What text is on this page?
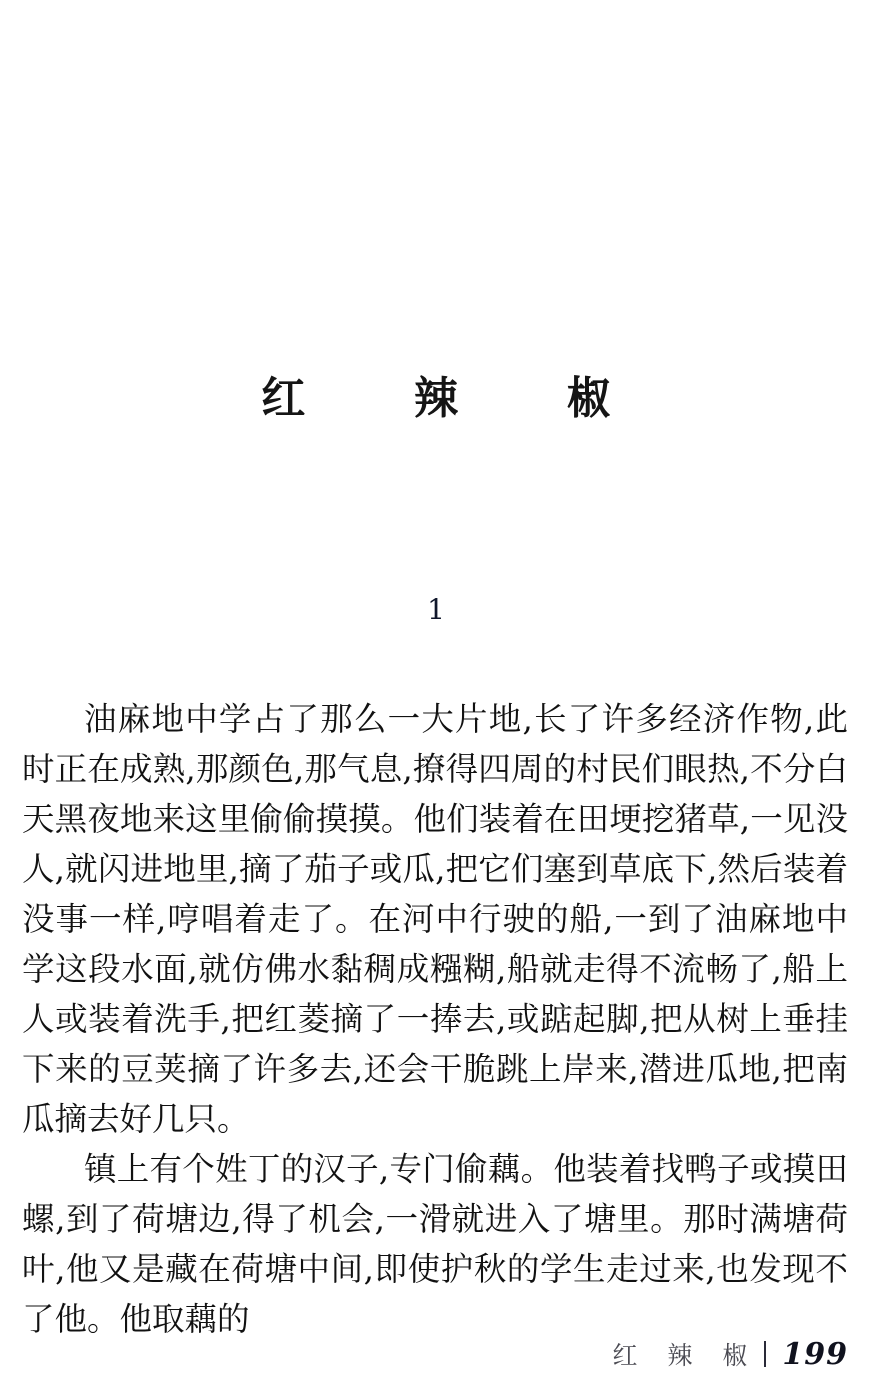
红  辣  椒
1

油麻地中学占了那么一大片地,长了许多经济作物,此时正在成熟,那颜色,那气息,撩得四周的村民们眼热,不分白天黑夜地来这里偷偷摸摸。他们装着在田埂挖猪草,一见没人,就闪进地里,摘了茄子或瓜,把它们塞到草底下,然后装着没事一样,哼唱着走了。在河中行驶的船,一到了油麻地中学这段水面,就仿佛水黏稠成糨糊,船就走得不流畅了,船上人或装着洗手,把红菱摘了一捧去,或踮起脚,把从树上垂挂下来的豆荚摘了许多去,还会干脆跳上岸来,潜进瓜地,把南瓜摘去好几只。

镇上有个姓丁的汉子,专门偷藕。他装着找鸭子或摸田螺,到了荷塘边,得了机会,一滑就进入了塘里。那时满塘荷叶,他又是藏在荷塘中间,即使护秋的学生走过来,也发现不了他。他取藕的

红 辣 椒 199
